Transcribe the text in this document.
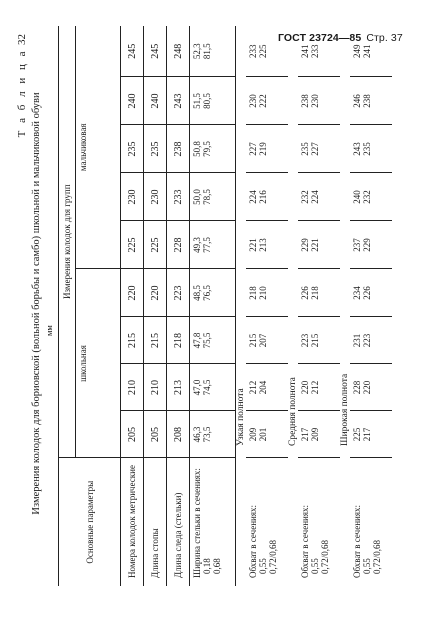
ГОСТ 23724—85 Стр. 37
Т а б л и ц а32
Измерения колодок для бориовской (вольной борьбы и самбо) школьной и мальчиковой обуви мм
Основные параметры	Измерения колодок для групп								
	школьная				мальчиковая				

Номера колодок метрические	205	210	215	220	225	230	235	240	245
Длина стопы	205	210	215	220	225	230	235	240	245
Длина следа (стельки)	208	213	218	223	228	233	238	243	248

Ширина стельки в сечениях: 0,18 0,68	46,3 73,5	47,0 74,5	47,8 75,5	48,5 76,5	49,3 77,5	50,0 78,5	50,8 79,5	51,5 80,5	52,3 81,5

Узкая полнота									

Обхват в сечениях: 0,55 0,72/0,68	209 201	212 204	215 207	218 210	221 213	224 216	227 219	230 222	233 225

Средняя полнота									

Обхват в сечениях: 0,55 0,72/0,68	217 209	220 212	223 215	226 218	229 221	232 224	235 227	238 230	241 233

Широкая полнота									

Обхват в сечениях: 0,55 0,72/0,68	225 217	228 220	231 223	234 226	237 229	240 232	243 235	246 238	249 241
